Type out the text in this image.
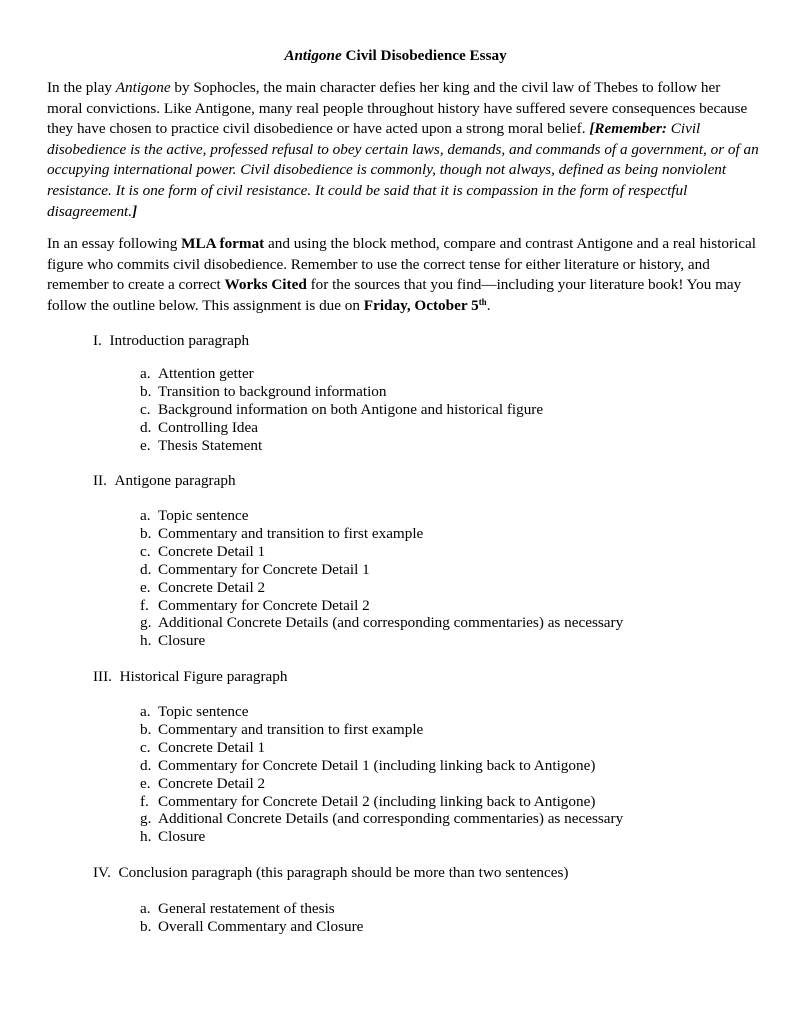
Antigone Civil Disobedience Essay

In the play Antigone by Sophocles, the main character defies her king and the civil law of Thebes to follow her moral convictions. Like Antigone, many real people throughout history have suffered severe consequences because they have chosen to practice civil disobedience or have acted upon a strong moral belief. [Remember: Civil disobedience is the active, professed refusal to obey certain laws, demands, and commands of a government, or of an occupying international power. Civil disobedience is commonly, though not always, defined as being nonviolent resistance. It is one form of civil resistance. It could be said that it is compassion in the form of respectful disagreement.]

In an essay following MLA format and using the block method, compare and contrast Antigone and a real historical figure who commits civil disobedience. Remember to use the correct tense for either literature or history, and remember to create a correct Works Cited for the sources that you find—including your literature book! You may follow the outline below. This assignment is due on Friday, October 5th.

I. Introduction paragraph
a. Attention getter
b. Transition to background information
c. Background information on both Antigone and historical figure
d. Controlling Idea
e. Thesis Statement
II. Antigone paragraph
a. Topic sentence
b. Commentary and transition to first example
c. Concrete Detail 1
d. Commentary for Concrete Detail 1
e. Concrete Detail 2
f. Commentary for Concrete Detail 2
g. Additional Concrete Details (and corresponding commentaries) as necessary
h. Closure
III. Historical Figure paragraph
a. Topic sentence
b. Commentary and transition to first example
c. Concrete Detail 1
d. Commentary for Concrete Detail 1 (including linking back to Antigone)
e. Concrete Detail 2
f. Commentary for Concrete Detail 2 (including linking back to Antigone)
g. Additional Concrete Details (and corresponding commentaries) as necessary
h. Closure
IV. Conclusion paragraph (this paragraph should be more than two sentences)
a. General restatement of thesis
b. Overall Commentary and Closure
